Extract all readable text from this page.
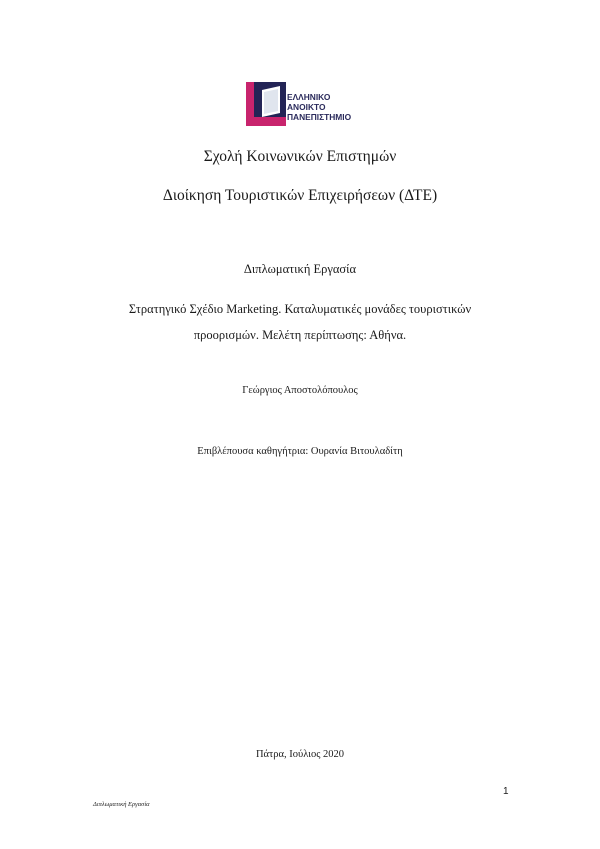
ΕΛΛΗΝΙΚΟ
ΑΝΟΙΚΤΟ
ΠΑΝΕΠΙΣΤΗΜΙΟ
Σχολή Κοινωνικών Επιστημών
Διοίκηση Τουριστικών Επιχειρήσεων (ΔΤΕ)
Διπλωματική Εργασία
Στρατηγικό Σχέδιο Marketing. Καταλυματικές μονάδες τουριστικών
προορισμών. Μελέτη περίπτωσης: Αθήνα.
Γεώργιος Αποστολόπουλος
Επιβλέπουσα καθηγήτρια: Ουρανία Βιτουλαδίτη
Πάτρα, Ιούλιος 2020
1
Διπλωματική Εργασία
